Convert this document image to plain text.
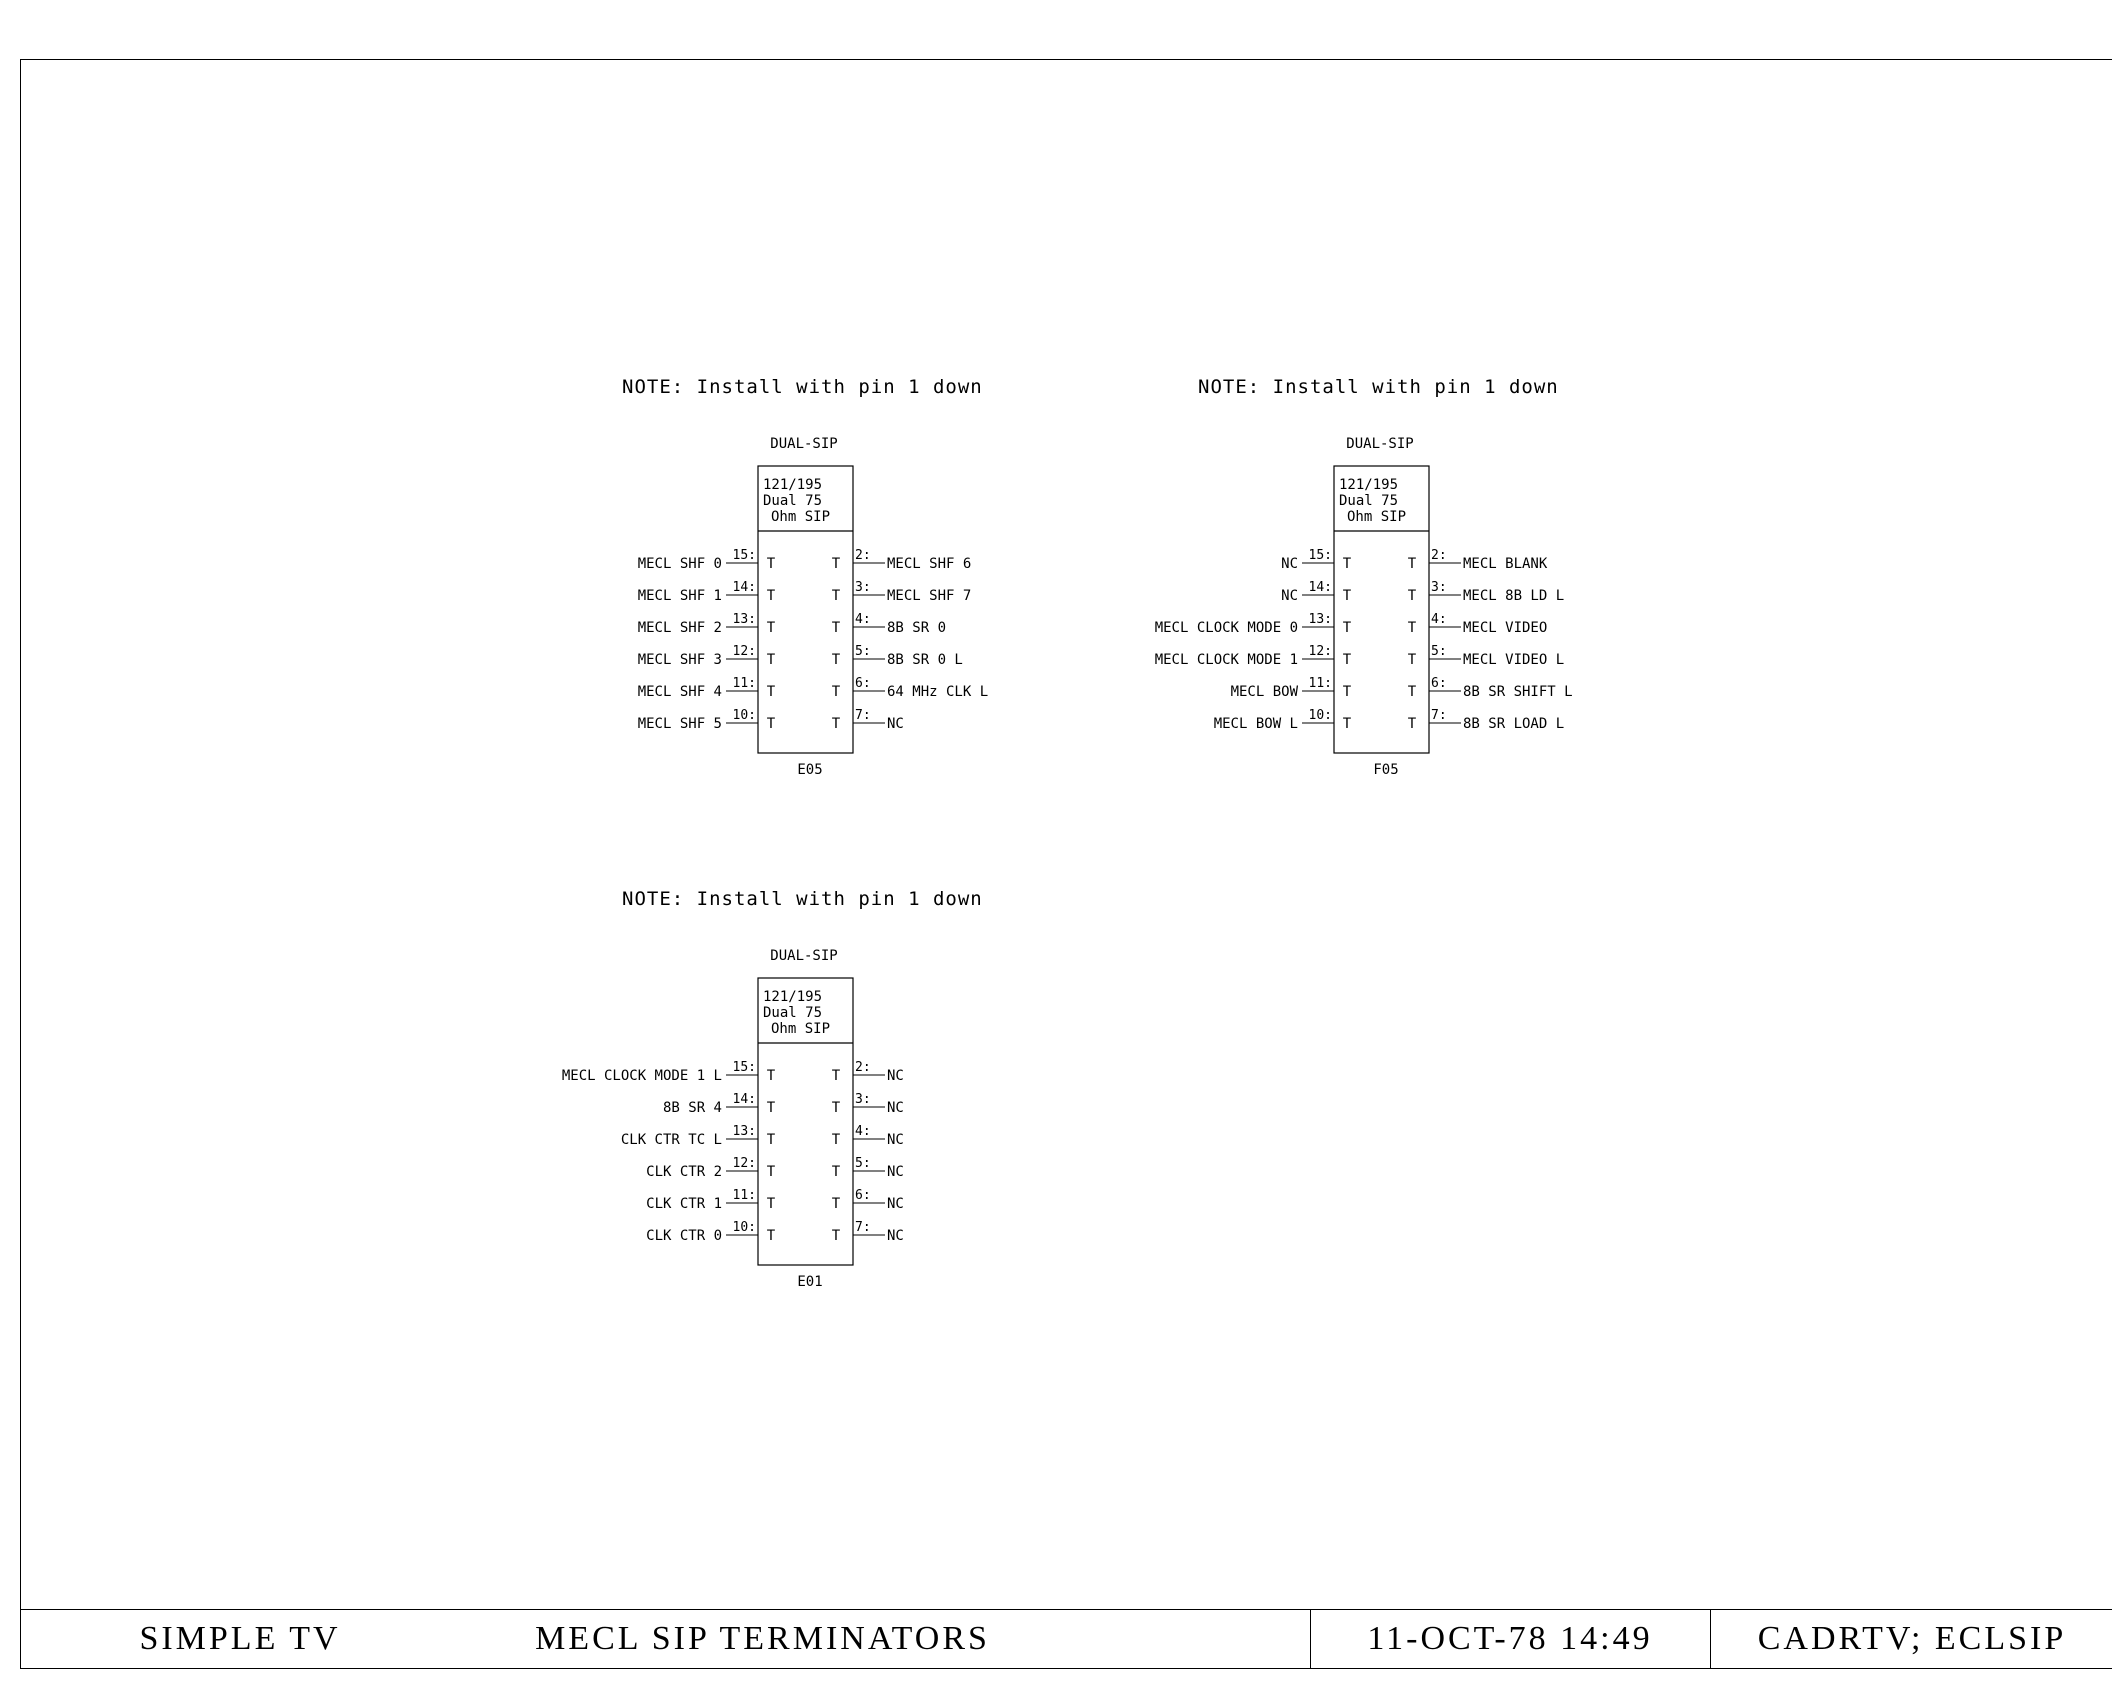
NOTE: Install with pin 1 down
DUAL-SIP
121/195
Dual 75
Ohm SIP
E05
15:
MECL SHF 0	T
14:
MECL SHF 1	T
13:
MECL SHF 2	T
12:
MECL SHF 3	T
11:
MECL SHF 4	T
10:
MECL SHF 5	T
2:
MECL SHF 6
T
3:
MECL SHF 7
T
4:
8B SR 0
T
5:
8B SR 0 L
T
6:
64 MHz CLK L
T
7:
NC
T
NOTE: Install with pin 1 down
DUAL-SIP
121/195
Dual 75
Ohm SIP
F05
15:
NC	T
14:
NC	T
13:
MECL CLOCK MODE 0	T
12:
MECL CLOCK MODE 1	T
11:
MECL BOW	T
10:
MECL BOW L	T
2:
MECL BLANK
T
3:
MECL 8B LD L
T
4:
MECL VIDEO
T
5:
MECL VIDEO L
T
6:
8B SR SHIFT L
T
7:
8B SR LOAD L
T
NOTE: Install with pin 1 down
DUAL-SIP
121/195
Dual 75
Ohm SIP
E01
15:
MECL CLOCK MODE 1 L	T
14:
8B SR 4	T
13:
CLK CTR TC L	T
12:
CLK CTR 2	T
11:
CLK CTR 1	T
10:
CLK CTR 0	T
2:
NC
T
3:
NC
T
4:
NC
T
5:
NC
T
6:
NC
T
7:
NC
T
SIMPLE TV	MECL SIP TERMINATORS	11-OCT-78 14:49	CADRTV; ECLSIP
